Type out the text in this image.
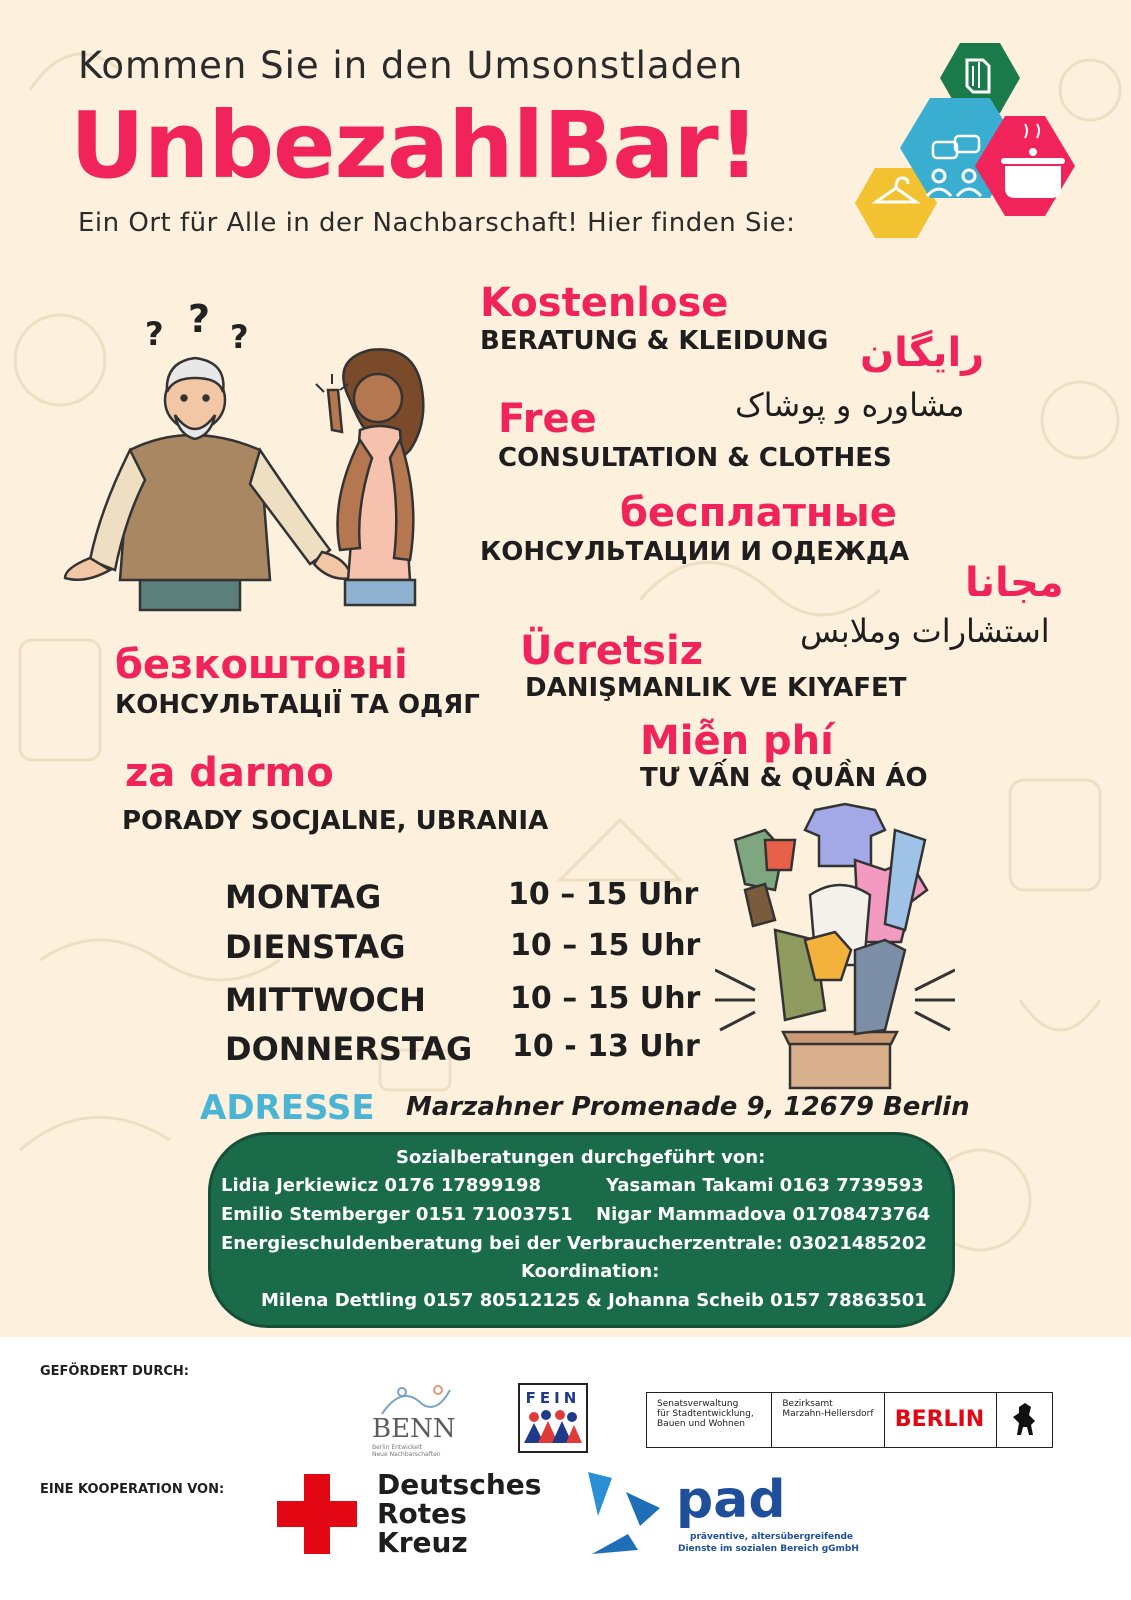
Kommen Sie in den Umsonstladen
UnbezahlBar!
Ein Ort für Alle in der Nachbarschaft! Hier finden Sie:
? ? ?
Kostenlose
BERATUNG & KLEIDUNG رایگان
مشاوره و پوشاک
Free
CONSULTATION & CLOTHES
бесплатные
КОНСУЛЬТАЦИИ И ОДЕЖДА
مجانا
استشارات وملابس
безкоштовні
КОНСУЛЬТАЦІЇ ТА ОДЯГ
Ücretsiz
DANIŞMANLIK VE KIYAFET
Miễn phí
TƯ VẤN & QUẦN ÁO
za darmo
PORADY SOCJALNE, UBRANIA
MONTAG	10 – 15 Uhr
DIENSTAG	10 – 15 Uhr
MITTWOCH	10 – 15 Uhr
DONNERSTAG 10 - 13 Uhr
ADRESSE Marzahner Promenade 9, 12679 Berlin
Sozialberatungen durchgeführt von:
Lidia Jerkiewicz 0176 17899198	Yasaman Takami 0163 7739593
Emilio Stemberger 0151 71003751 Nigar Mammadova 01708473764
Energieschuldenberatung bei der Verbraucherzentrale: 03021485202
Koordination:
Milena Dettling 0157 80512125 & Johanna Scheib 0157 78863501
GEFÖRDERT DURCH:
EINE KOOPERATION VON:
BENN
Berlin Entwickelt
Neue Nachbarschaften
FEIN	Senatsverwaltung
für Stadtentwicklung,
Bauen und Wohnen
Bezirksamt
Marzahn-Hellersdorf BERLIN
Deutsches
Rotes
Kreuz
pad
präventive, altersübergreifende
Dienste im sozialen Bereich gGmbH
